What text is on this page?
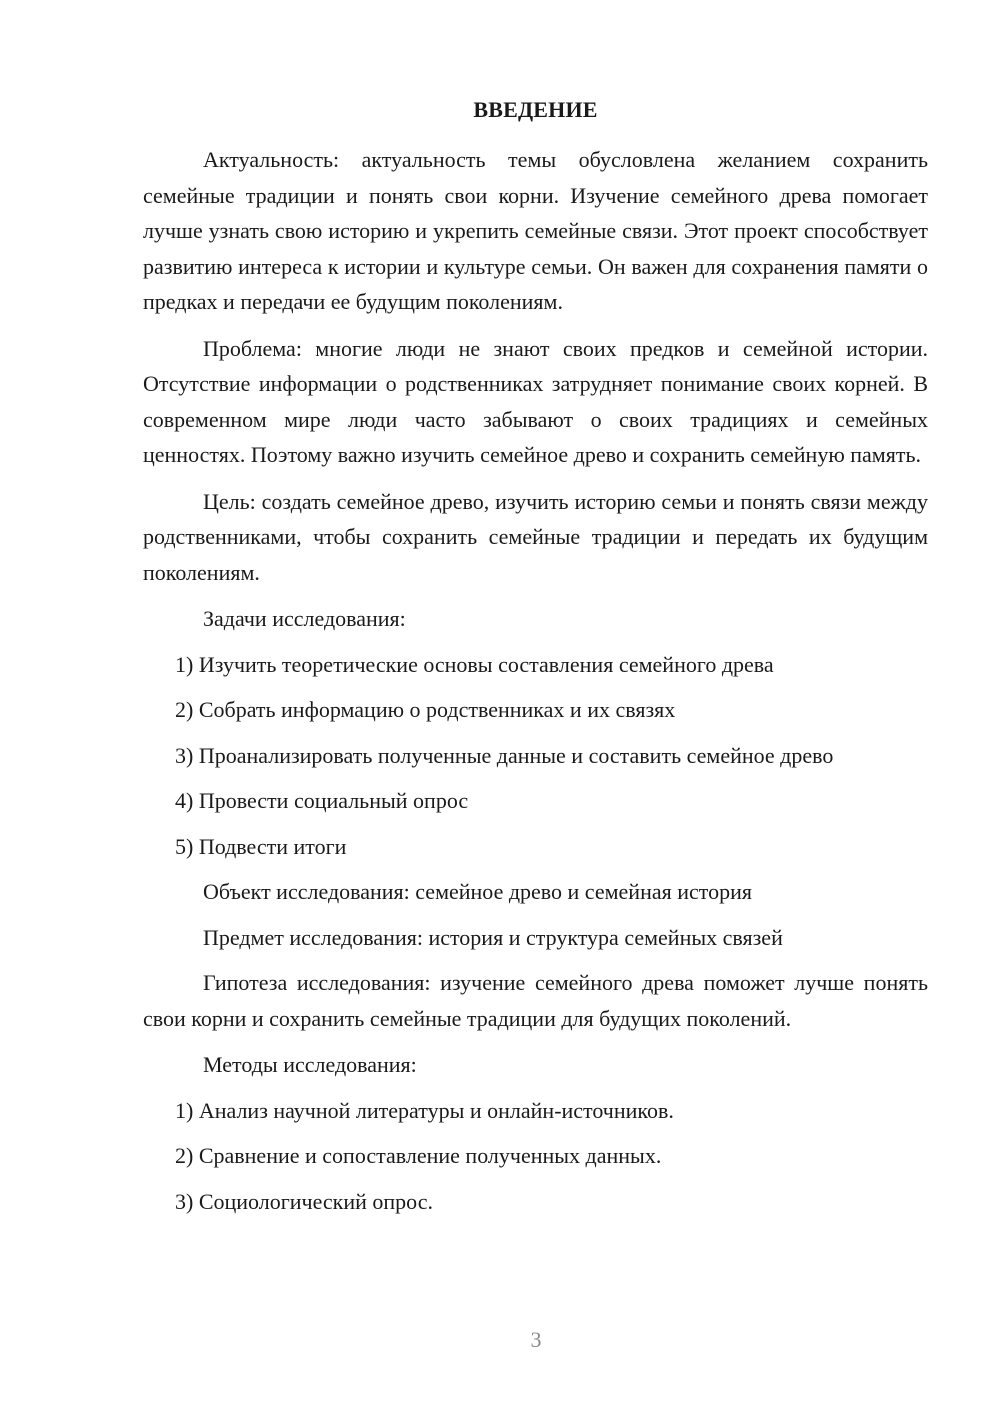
ВВЕДЕНИЕ

Актуальность: актуальность темы обусловлена желанием сохранить семейные традиции и понять свои корни. Изучение семейного древа помогает лучше узнать свою историю и укрепить семейные связи. Этот проект способствует развитию интереса к истории и культуре семьи. Он важен для сохранения памяти о предках и передачи ее будущим поколениям.

Проблема: многие люди не знают своих предков и семейной истории. Отсутствие информации о родственниках затрудняет понимание своих корней. В современном мире люди часто забывают о своих традициях и семейных ценностях. Поэтому важно изучить семейное древо и сохранить семейную память.

Цель: создать семейное древо, изучить историю семьи и понять связи между родственниками, чтобы сохранить семейные традиции и передать их будущим поколениям.

Задачи исследования:

1) Изучить теоретические основы составления семейного древа
2) Собрать информацию о родственниках и их связях
3) Проанализировать полученные данные и составить семейное древо
4) Провести социальный опрос
5) Подвести итоги

Объект исследования: семейное древо и семейная история

Предмет исследования: история и структура семейных связей

Гипотеза исследования: изучение семейного древа поможет лучше понять свои корни и сохранить семейные традиции для будущих поколений.

Методы исследования:

1) Анализ научной литературы и онлайн-источников.
2) Сравнение и сопоставление полученных данных.
3) Социологический опрос.
3
